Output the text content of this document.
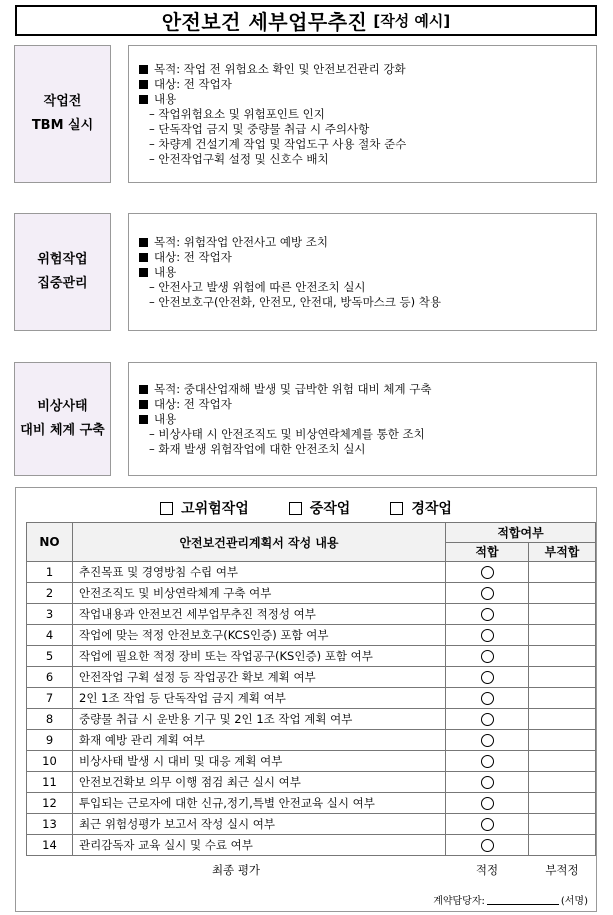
안전보건 세부업무추진 [작성 예시]
작업전
TBM 실시
목적: 작업 전 위험요소 확인 및 안전보건관리 강화
대상: 전 작업자
내용
– 작업위험요소 및 위험포인트 인지
– 단독작업 금지 및 중량물 취급 시 주의사항
– 차량계 건설기계 작업 및 작업도구 사용 절차 준수
– 안전작업구획 설정 및 신호수 배치
위험작업
집중관리
목적: 위험작업 안전사고 예방 조치
대상: 전 작업자
내용
– 안전사고 발생 위험에 따른 안전조치 실시
– 안전보호구(안전화, 안전모, 안전대, 방독마스크 등) 착용
비상사태
대비 체계 구축
목적: 중대산업재해 발생 및 급박한 위험 대비 체계 구축
대상: 전 작업자
내용
– 비상사태 시 안전조직도 및 비상연락체계를 통한 조치
– 화재 발생 위험작업에 대한 안전조치 실시
고위험작업	중작업	경작업
NO	안전보건관리계획서 작성 내용	적합여부	
		적합	부적합
1	추진목표 및 경영방침 수립 여부		
2	안전조직도 및 비상연락체계 구축 여부		
3	작업내용과 안전보건 세부업무추진 적정성 여부		
4	작업에 맞는 적정 안전보호구(KCS인증) 포함 여부		
5	작업에 필요한 적정 장비 또는 작업공구(KS인증) 포함 여부		
6	안전작업 구획 설정 등 작업공간 확보 계획 여부		
7	2인 1조 작업 등 단독작업 금지 계획 여부		
8	중량물 취급 시 운반용 기구 및 2인 1조 작업 계획 여부		
9	화재 예방 관리 계획 여부		
10	비상사태 발생 시 대비 및 대응 계획 여부		
11	안전보건확보 의무 이행 점검 최근 실시 여부		
12	투입되는 근로자에 대한 신규,정기,특별 안전교육 실시 여부		
13	최근 위험성평가 보고서 작성 실시 여부		
14	관리감독자 교육 실시 및 수료 여부		
최종 평가		적정	부적정
계약담당자:	(서명)
